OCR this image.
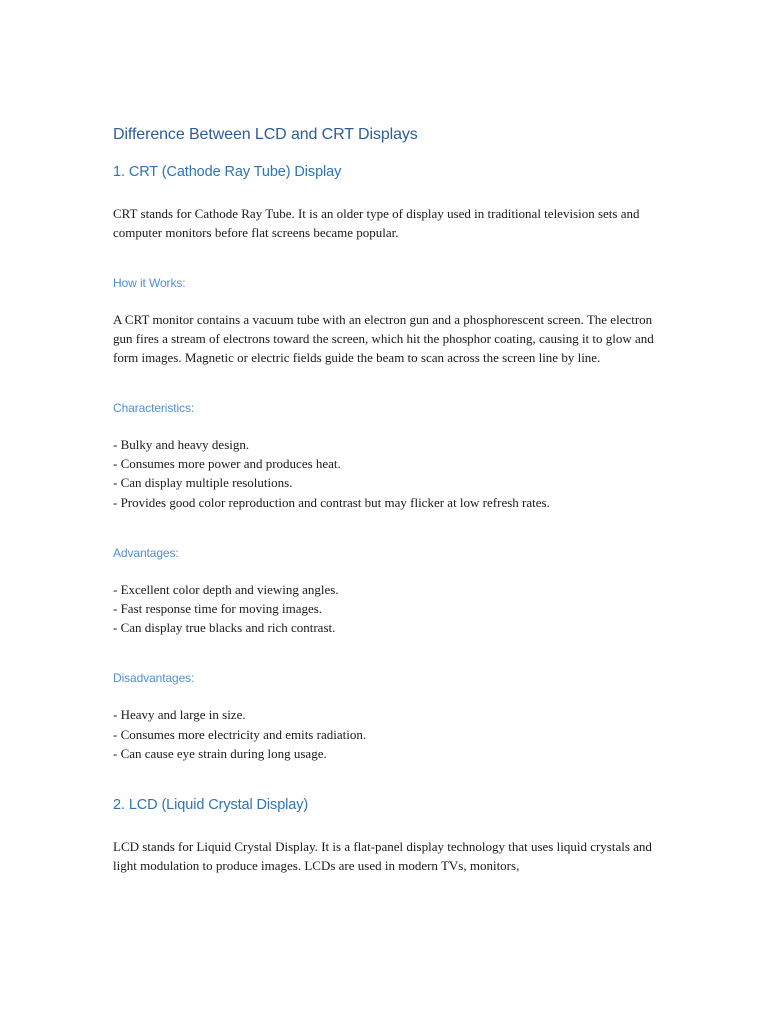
Difference Between LCD and CRT Displays
1. CRT (Cathode Ray Tube) Display

CRT stands for Cathode Ray Tube. It is an older type of display used in traditional television sets and computer monitors before flat screens became popular.

How it Works:

A CRT monitor contains a vacuum tube with an electron gun and a phosphorescent screen. The electron gun fires a stream of electrons toward the screen, which hit the phosphor coating, causing it to glow and form images. Magnetic or electric fields guide the beam to scan across the screen line by line.

Characteristics:
- Bulky and heavy design.
- Consumes more power and produces heat.
- Can display multiple resolutions.
- Provides good color reproduction and contrast but may flicker at low refresh rates.
Advantages:
- Excellent color depth and viewing angles.
- Fast response time for moving images.
- Can display true blacks and rich contrast.
Disadvantages:
- Heavy and large in size.
- Consumes more electricity and emits radiation.
- Can cause eye strain during long usage.
2. LCD (Liquid Crystal Display)

LCD stands for Liquid Crystal Display. It is a flat-panel display technology that uses liquid crystals and light modulation to produce images. LCDs are used in modern TVs, monitors,
